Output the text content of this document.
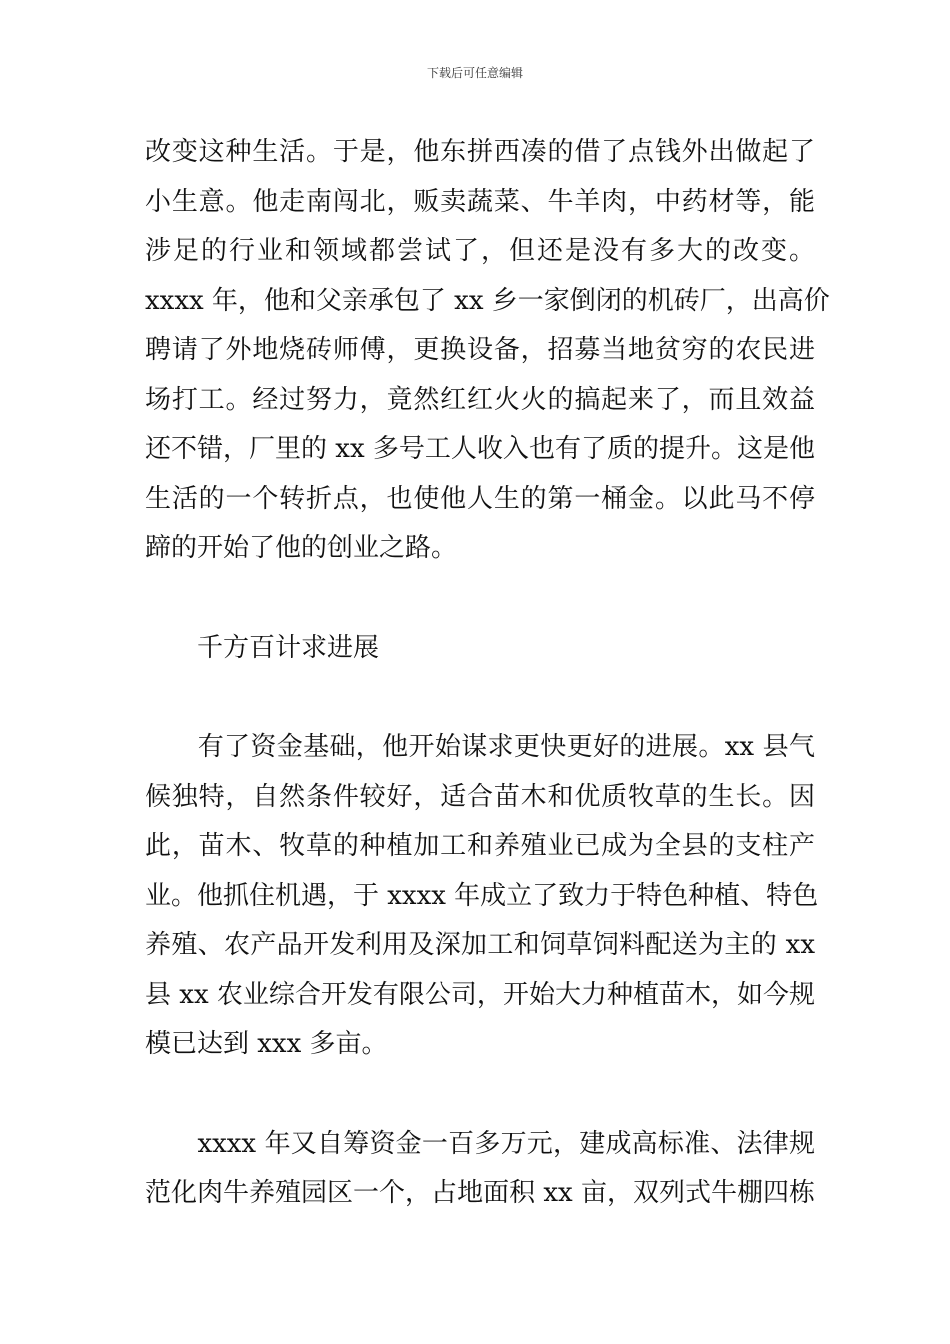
下载后可任意编辑

改变这种生活。于是，他东拼西凑的借了点钱外出做起了
小生意。他走南闯北，贩卖蔬菜、牛羊肉，中药材等，能
涉足的行业和领域都尝试了，但还是没有多大的改变。
xxxx 年，他和父亲承包了 xx 乡一家倒闭的机砖厂，出高价
聘请了外地烧砖师傅，更换设备，招募当地贫穷的农民进
场打工。经过努力，竟然红红火火的搞起来了，而且效益
还不错，厂里的 xx 多号工人收入也有了质的提升。这是他
生活的一个转折点，也使他人生的第一桶金。以此马不停
蹄的开始了他的创业之路。

　　千方百计求进展

　　有了资金基础，他开始谋求更快更好的进展。xx 县气
候独特，自然条件较好，适合苗木和优质牧草的生长。因
此，苗木、牧草的种植加工和养殖业已成为全县的支柱产
业。他抓住机遇，于 xxxx 年成立了致力于特色种植、特色
养殖、农产品开发利用及深加工和饲草饲料配送为主的 xx
县 xx 农业综合开发有限公司，开始大力种植苗木，如今规
模已达到 xxx 多亩。

　　xxxx 年又自筹资金一百多万元，建成高标准、法律规
范化肉牛养殖园区一个，占地面积 xx 亩，双列式牛棚四栋
